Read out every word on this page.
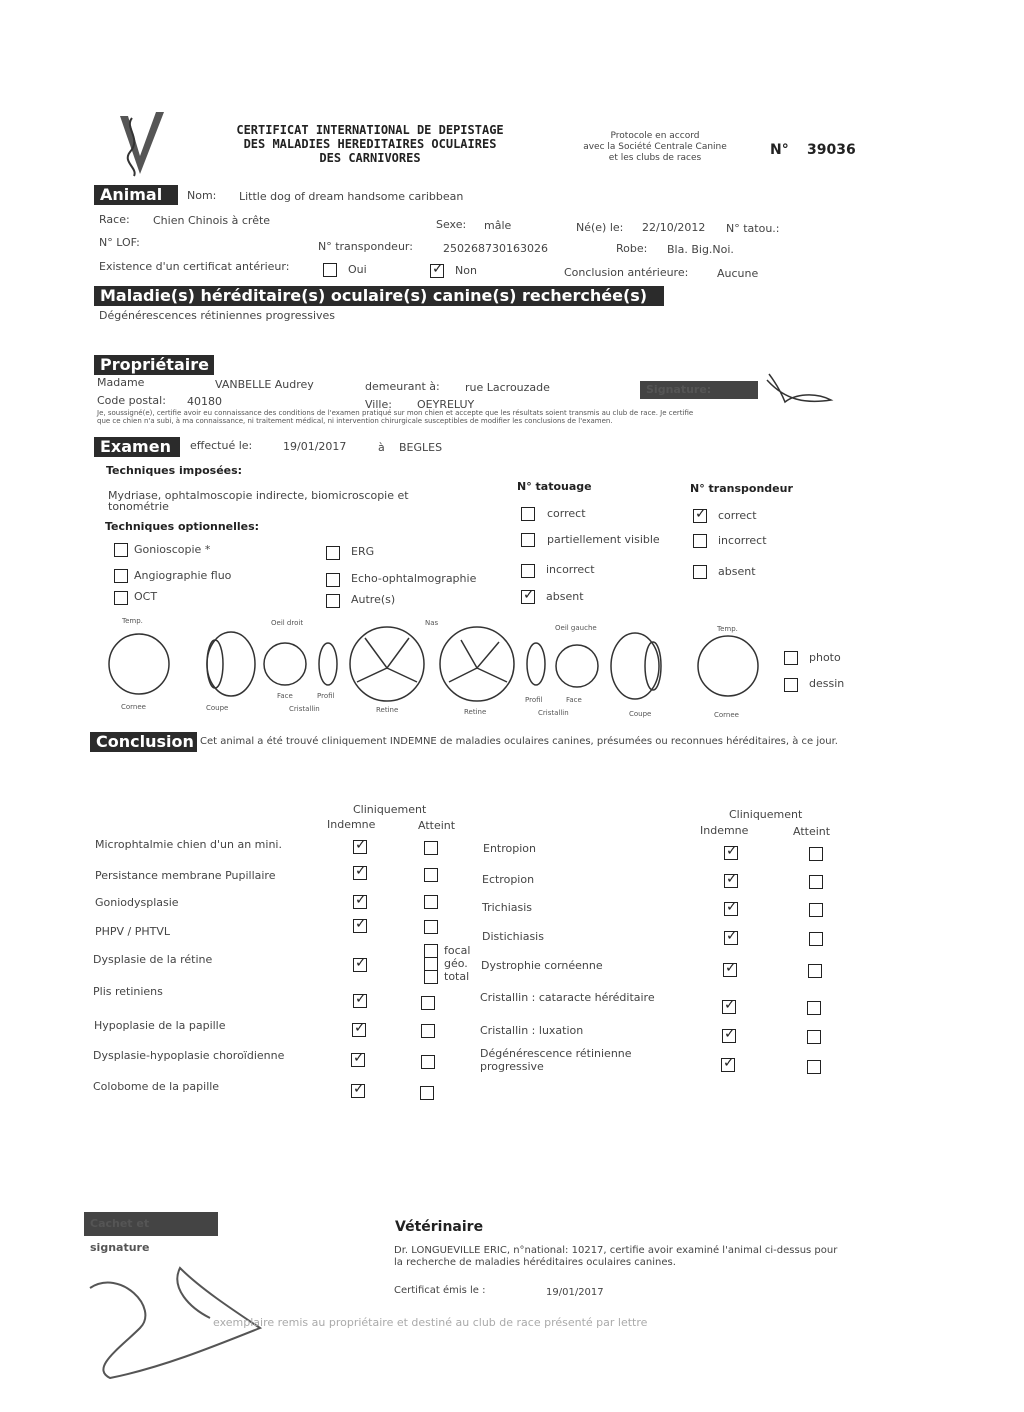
CERTIFICAT INTERNATIONAL DE DEPISTAGE
DES MALADIES HEREDITAIRES OCULAIRES
DES CARNIVORES
Protocole en accord
avec la Société Centrale Canine
et les clubs de races	N° 39036
Animal	Nom: Little dog of dream handsome caribbean
Race: Chien Chinois à crête	Sexe: mâle	Né(e) le: 22/10/2012 N° tatou.:
N° LOF:	N° transpondeur:	250268730163026	Robe: Bla. Big.Noi.
Existence d'un certificat antérieur:	Oui	✓ Non	Conclusion antérieure:	Aucune
Maladie(s) héréditaire(s) oculaire(s) canine(s) recherchée(s)
Dégénérescences rétiniennes progressives
Propriétaire
Madame	VANBELLE Audrey	demeurant à: rue Lacrouzade	Signature:
Code postal: 40180	Ville: OEYRELUY
Je, soussigné(e), certifie avoir eu connaissance des conditions de l'examen pratiqué sur mon chien et accepte que les résultats soient transmis au club de race. Je certifie
que ce chien n'a subi, à ma connaissance, ni traitement médical, ni intervention chirurgicale susceptibles de modifier les conclusions de l'examen.
Examen	effectué le:	19/01/2017	à BEGLES
Techniques imposées:
Mydriase, ophtalmoscopie indirecte, biomicroscopie et
tonométrie
Techniques optionnelles:
Gonioscopie *
Angiographie fluo
OCT
ERG
Echo-ophtalmographie
Autre(s)
N° tatouage
correct
partiellement visible
incorrect
✓ absent
N° transpondeur
✓ correct
incorrect
absent
Temp.	Oeil droit	Nas
Oeil gauche	Temp.
Face	Profil	Profil	Face
Cornee	Coupe	Cristallin	Retine	Retine	Cristallin	Coupe	Cornee
photo
dessin
Conclusion Cet animal a été trouvé cliniquement INDEMNE de maladies oculaires canines, présumées ou reconnues héréditaires, à ce jour.
Cliniquement
Indemne	Atteint
Cliniquement
Indemne	Atteint
Microphtalmie chien d'un an mini.	✓
Persistance membrane Pupillaire	✓
Goniodysplasie	✓
PHPV / PHTVL	✓
Dysplasie de la rétine	✓
focal
géo.
total
Plis retiniens	✓
Hypoplasie de la papille	✓
Dysplasie-hypoplasie choroïdienne	✓
Colobome de la papille	✓
Entropion	✓
Ectropion	✓
Trichiasis	✓
Distichiasis	✓
Dystrophie cornéenne	✓
Cristallin : cataracte héréditaire	✓
Cristallin : luxation	✓
Dégénérescence rétinienne
progressive	✓
Cachet et signature
Vétérinaire
Dr. LONGUEVILLE ERIC, n°national: 10217, certifie avoir examiné l'animal ci-dessus pour
la recherche de maladies héréditaires oculaires canines.
Certificat émis le :	19/01/2017
exemplaire remis au propriétaire et destiné au club de race présenté par lettre
